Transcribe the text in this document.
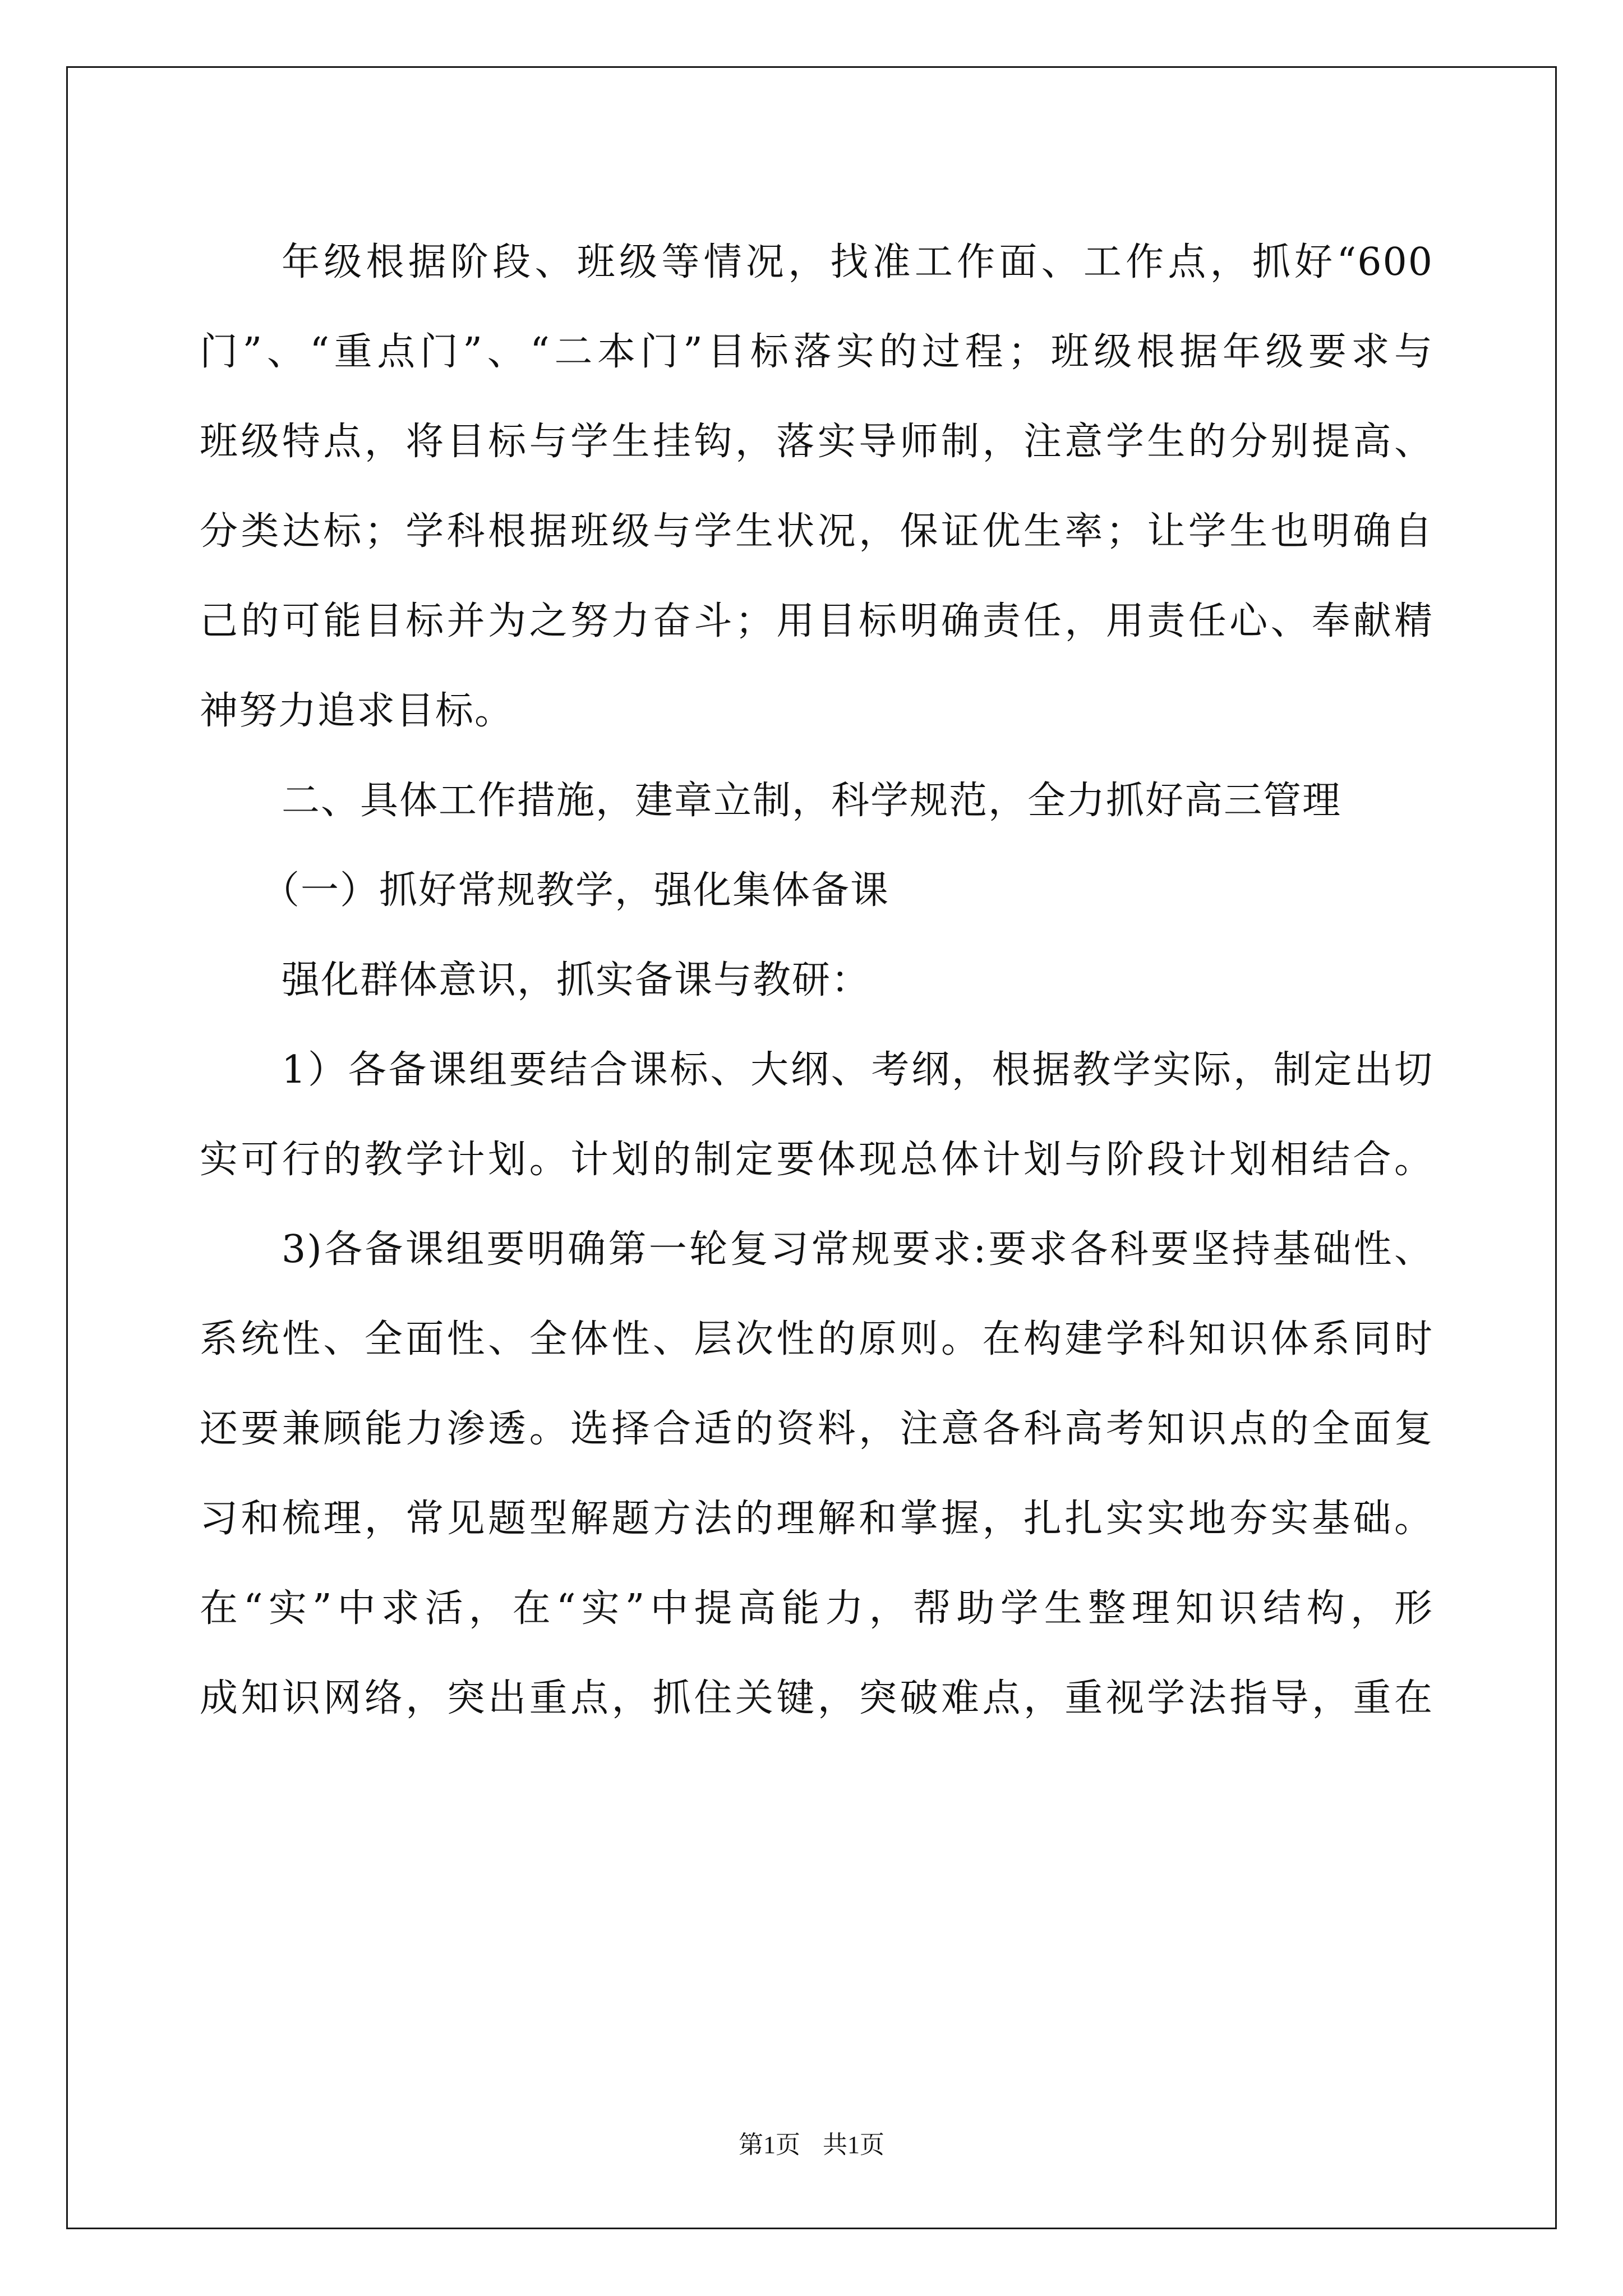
年级根据阶段、班级等情况，找准工作面、工作点，抓好“600
门”、“重点门”、“二本门”目标落实的过程；班级根据年级要求与
班级特点，将目标与学生挂钩，落实导师制，注意学生的分别提高、
分类达标；学科根据班级与学生状况，保证优生率；让学生也明确自
己的可能目标并为之努力奋斗；用目标明确责任，用责任心、奉献精
神努力追求目标。
二、具体工作措施，建章立制，科学规范，全力抓好高三管理
（一）抓好常规教学，强化集体备课
强化群体意识，抓实备课与教研：
1）各备课组要结合课标、大纲、考纲，根据教学实际，制定出切
实可行的教学计划。计划的制定要体现总体计划与阶段计划相结合。
3)各备课组要明确第一轮复习常规要求:要求各科要坚持基础性、
系统性、全面性、全体性、层次性的原则。在构建学科知识体系同时
还要兼顾能力渗透。选择合适的资料，注意各科高考知识点的全面复
习和梳理，常见题型解题方法的理解和掌握，扎扎实实地夯实基础。
在“实”中求活，在“实”中提高能力，帮助学生整理知识结构，形
成知识网络，突出重点，抓住关键，突破难点，重视学法指导，重在
第1页 共1页
